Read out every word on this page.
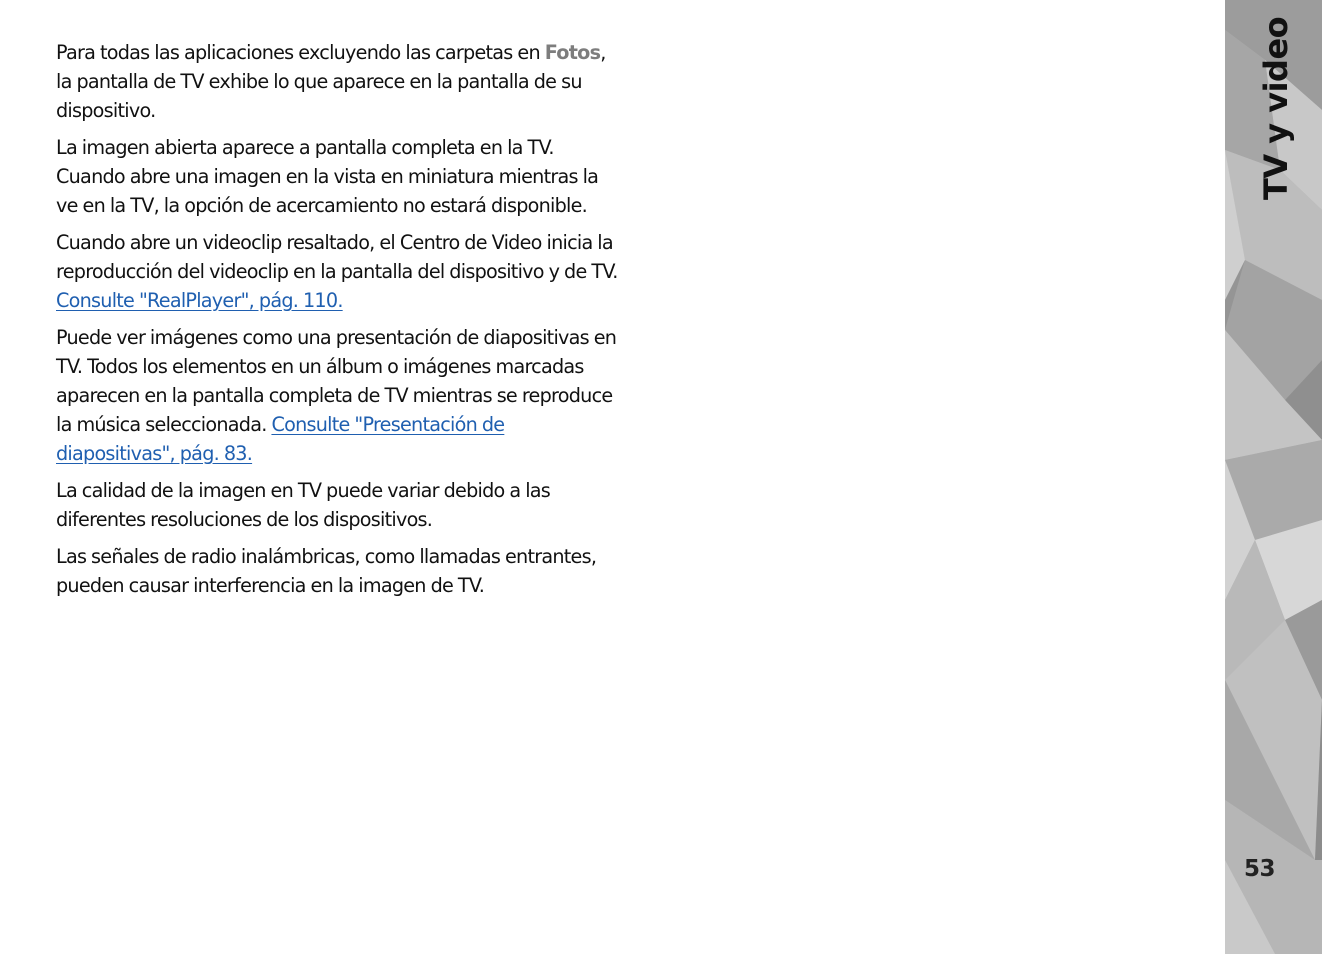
Para todas las aplicaciones excluyendo las carpetas en Fotos, la pantalla de TV exhibe lo que aparece en la pantalla de su dispositivo.

La imagen abierta aparece a pantalla completa en la TV. Cuando abre una imagen en la vista en miniatura mientras la ve en la TV, la opción de acercamiento no estará disponible.

Cuando abre un videoclip resaltado, el Centro de Video inicia la reproducción del videoclip en la pantalla del dispositivo y de TV. Consulte "RealPlayer", pág. 110.

Puede ver imágenes como una presentación de diapositivas en TV. Todos los elementos en un álbum o imágenes marcadas aparecen en la pantalla completa de TV mientras se reproduce la música seleccionada. Consulte "Presentación de diapositivas", pág. 83.

La calidad de la imagen en TV puede variar debido a las diferentes resoluciones de los dispositivos.

Las señales de radio inalámbricas, como llamadas entrantes, pueden causar interferencia en la imagen de TV.

TV y video
53
